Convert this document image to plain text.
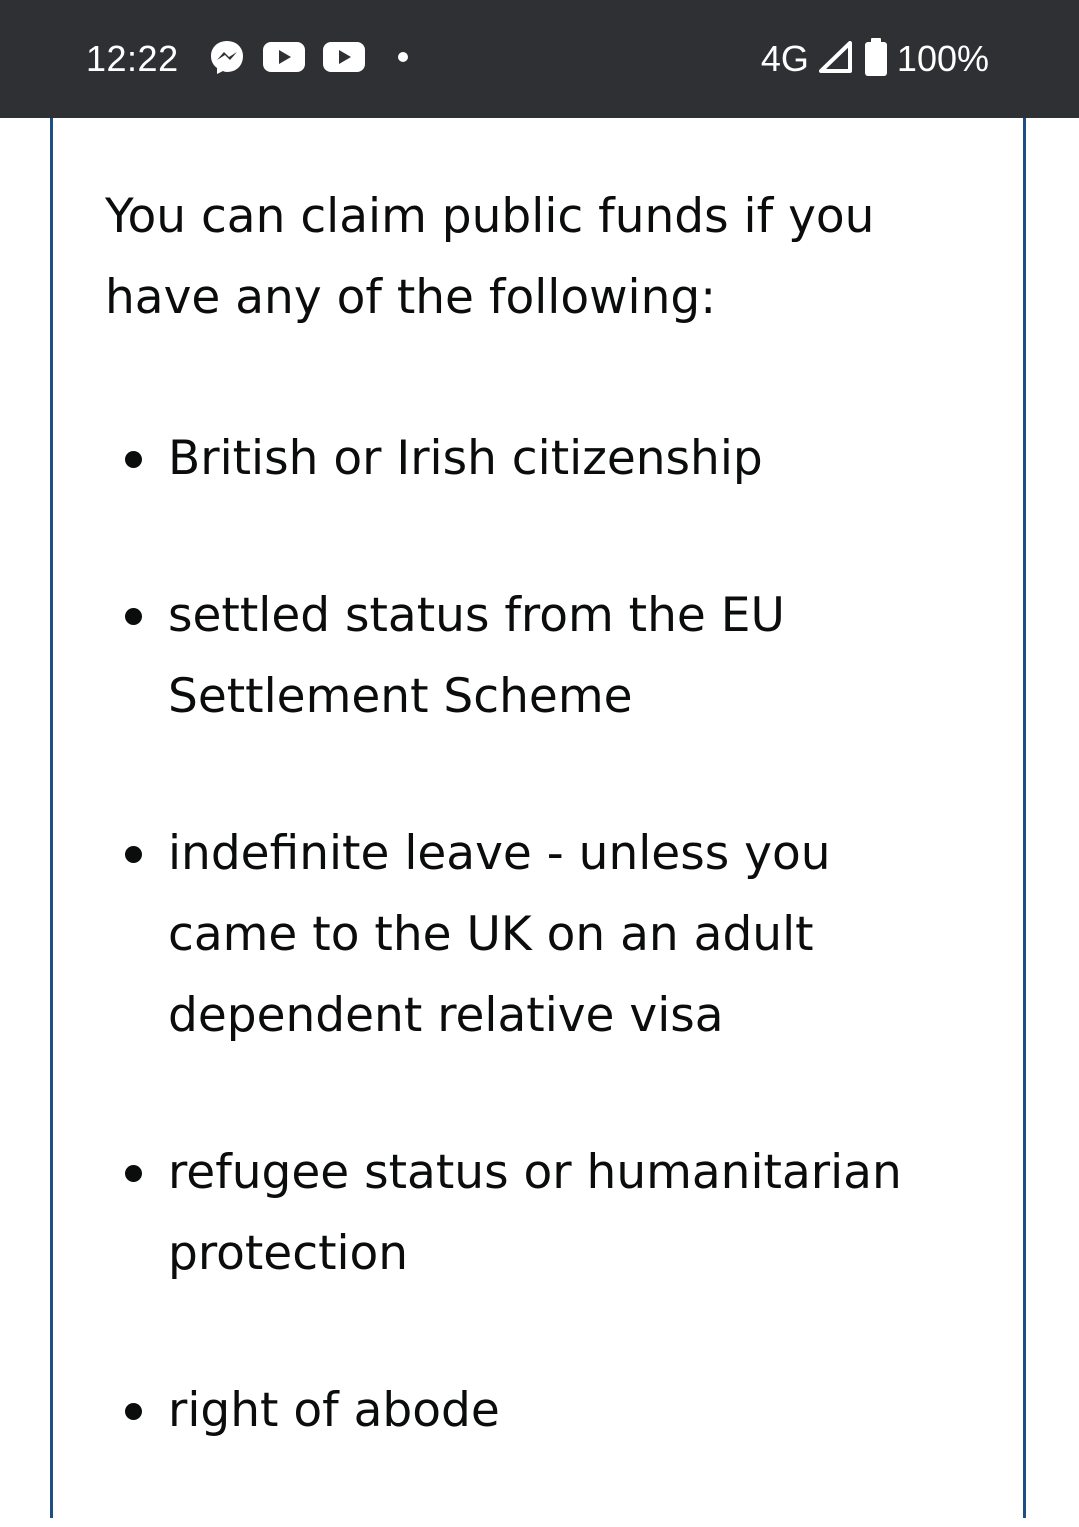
12:22	4G 100%

You can claim public funds if you have any of the following:

British or Irish citizenship
settled status from the EU Settlement Scheme
indefinite leave - unless you came to the UK on an adult dependent relative visa
refugee status or humanitarian protection
right of abode
